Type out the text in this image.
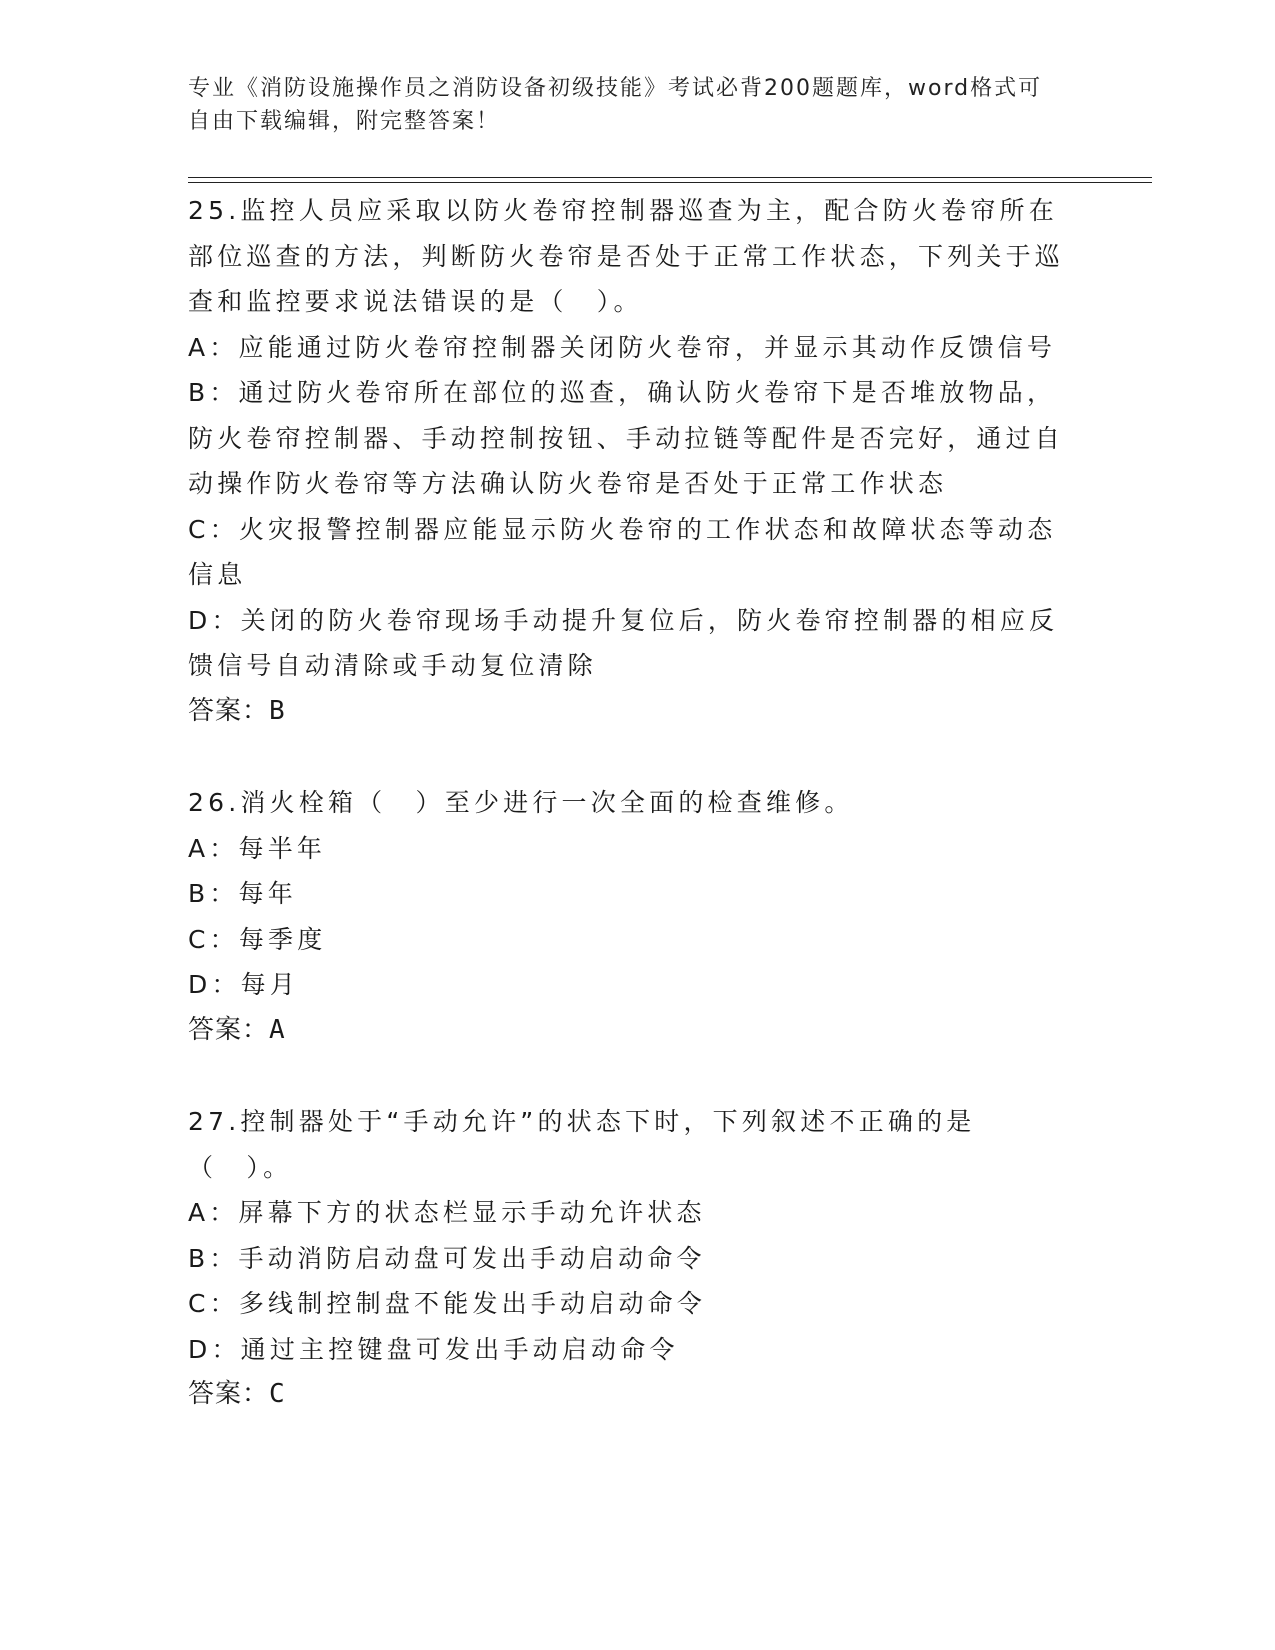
专业《消防设施操作员之消防设备初级技能》考试必背200题题库，word格式可
自由下载编辑，附完整答案！

25.监控人员应采取以防火卷帘控制器巡查为主，配合防火卷帘所在部位巡查的方法，判断防火卷帘是否处于正常工作状态，下列关于巡查和监控要求说法错误的是（　）。

A：应能通过防火卷帘控制器关闭防火卷帘，并显示其动作反馈信号

B：通过防火卷帘所在部位的巡查，确认防火卷帘下是否堆放物品，防火卷帘控制器、手动控制按钮、手动拉链等配件是否完好，通过自动操作防火卷帘等方法确认防火卷帘是否处于正常工作状态

C：火灾报警控制器应能显示防火卷帘的工作状态和故障状态等动态信息

D：关闭的防火卷帘现场手动提升复位后，防火卷帘控制器的相应反馈信号自动清除或手动复位清除

答案：B

26.消火栓箱（　）至少进行一次全面的检查维修。

A：每半年

B：每年

C：每季度

D：每月

答案：A

27.控制器处于“手动允许”的状态下时，下列叙述不正确的是（　）。

A：屏幕下方的状态栏显示手动允许状态

B：手动消防启动盘可发出手动启动命令

C：多线制控制盘不能发出手动启动命令

D：通过主控键盘可发出手动启动命令

答案：C
